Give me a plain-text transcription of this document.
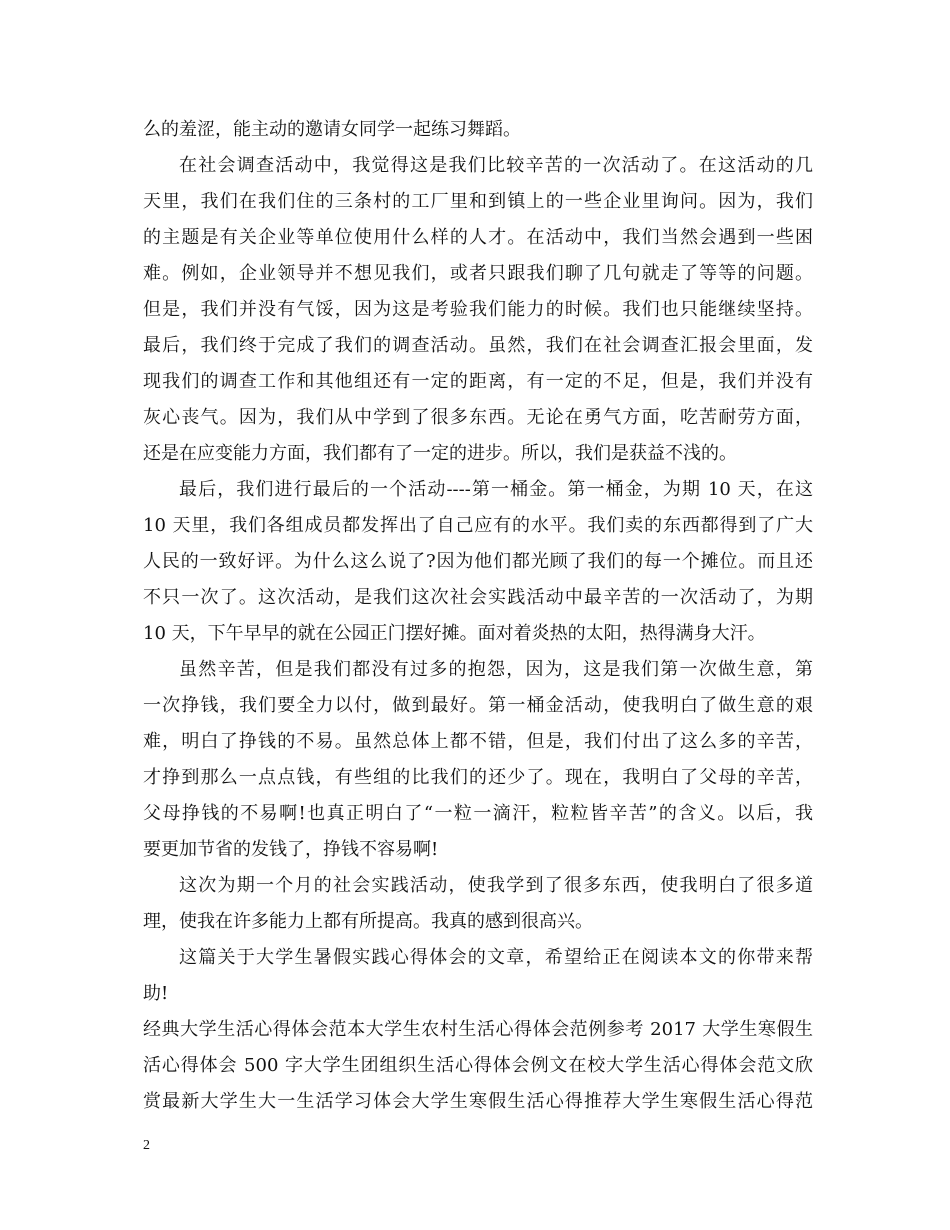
么的羞涩，能主动的邀请女同学一起练习舞蹈。
在社会调查活动中，我觉得这是我们比较辛苦的一次活动了。在这活动的几
天里，我们在我们住的三条村的工厂里和到镇上的一些企业里询问。因为，我们
的主题是有关企业等单位使用什么样的人才。在活动中，我们当然会遇到一些困
难。例如，企业领导并不想见我们，或者只跟我们聊了几句就走了等等的问题。
但是，我们并没有气馁，因为这是考验我们能力的时候。我们也只能继续坚持。
最后，我们终于完成了我们的调查活动。虽然，我们在社会调查汇报会里面，发
现我们的调查工作和其他组还有一定的距离，有一定的不足，但是，我们并没有
灰心丧气。因为，我们从中学到了很多东西。无论在勇气方面，吃苦耐劳方面，
还是在应变能力方面，我们都有了一定的进步。所以，我们是获益不浅的。
最后，我们进行最后的一个活动----第一桶金。第一桶金，为期 10 天，在这
10 天里，我们各组成员都发挥出了自己应有的水平。我们卖的东西都得到了广大
人民的一致好评。为什么这么说了?因为他们都光顾了我们的每一个摊位。而且还
不只一次了。这次活动，是我们这次社会实践活动中最辛苦的一次活动了，为期
10 天，下午早早的就在公园正门摆好摊。面对着炎热的太阳，热得满身大汗。
虽然辛苦，但是我们都没有过多的抱怨，因为，这是我们第一次做生意，第
一次挣钱，我们要全力以付，做到最好。第一桶金活动，使我明白了做生意的艰
难，明白了挣钱的不易。虽然总体上都不错，但是，我们付出了这么多的辛苦，
才挣到那么一点点钱，有些组的比我们的还少了。现在，我明白了父母的辛苦，
父母挣钱的不易啊!也真正明白了“一粒一滴汗，粒粒皆辛苦”的含义。以后，我
要更加节省的发钱了，挣钱不容易啊!
这次为期一个月的社会实践活动，使我学到了很多东西，使我明白了很多道
理，使我在许多能力上都有所提高。我真的感到很高兴。
这篇关于大学生暑假实践心得体会的文章，希望给正在阅读本文的你带来帮
助!
经典大学生活心得体会范本大学生农村生活心得体会范例参考 2017 大学生寒假生
活心得体会 500 字大学生团组织生活心得体会例文在校大学生活心得体会范文欣
赏最新大学生大一生活学习体会大学生寒假生活心得推荐大学生寒假生活心得范
2
